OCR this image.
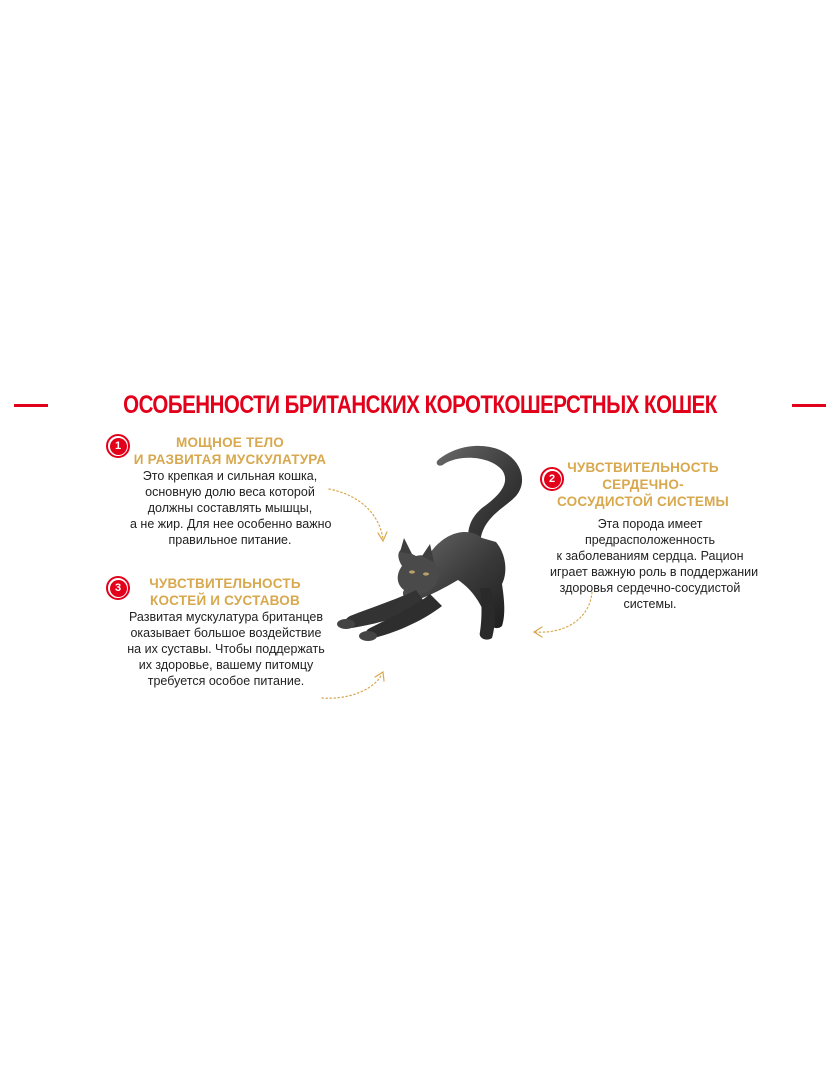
ОСОБЕННОСТИ БРИТАНСКИХ КОРОТКОШЕРСТНЫХ КОШЕК
1	МОЩНОЕ ТЕЛО
И РАЗВИТАЯ МУСКУЛАТУРА
Это крепкая и сильная кошка,
основную долю веса которой
должны составлять мышцы,
а не жир. Для нее особенно важно
правильное питание.
2
ЧУВСТВИТЕЛЬНОСТЬ
СЕРДЕЧНО-
СОСУДИСТОЙ СИСТЕМЫ
Эта порода имеет
предрасположенность
к заболеваниям сердца. Рацион
играет важную роль в поддержании
здоровья сердечно-сосудистой
системы.
3	ЧУВСТВИТЕЛЬНОСТЬ
КОСТЕЙ И СУСТАВОВ
Развитая мускулатура британцев
оказывает большое воздействие
на их суставы. Чтобы поддержать
их здоровье, вашему питомцу
требуется особое питание.
